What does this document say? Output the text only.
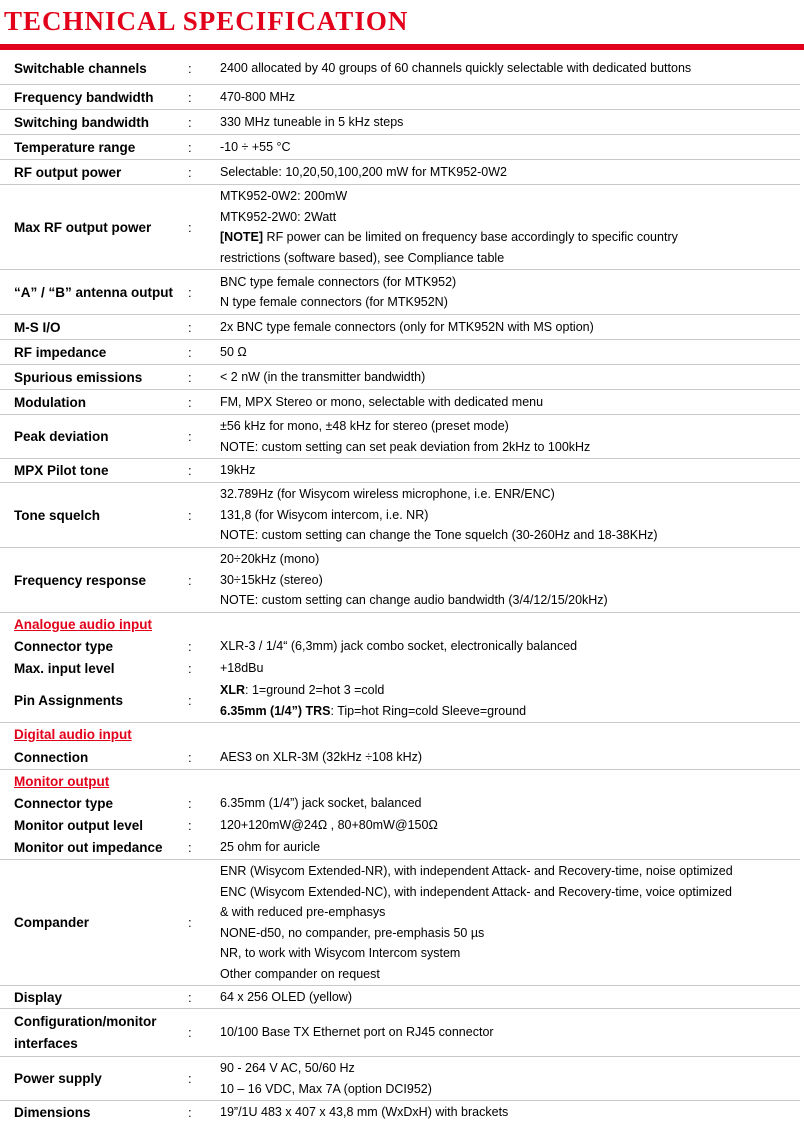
TECHNICAL SPECIFICATION
Switchable channels	:	2400 allocated by 40 groups of 60 channels quickly selectable with dedicated buttons
Frequency bandwidth	:	470-800 MHz
Switching bandwidth	:	330 MHz tuneable in 5 kHz steps
Temperature range	:	-10 ÷ +55 °C
RF output power	:	Selectable: 10,20,50,100,200 mW for MTK952-0W2
Max RF output power	:
MTK952-0W2: 200mW
MTK952-2W0: 2Watt
[NOTE] RF power can be limited on frequency base accordingly to specific country
restrictions (software based), see Compliance table
“A” / “B” antenna output	:
BNC type female connectors (for MTK952)
N type female connectors (for MTK952N)
M-S I/O	:	2x BNC type female connectors (only for MTK952N with MS option)
RF impedance	:	50 Ω
Spurious emissions	:	< 2 nW (in the transmitter bandwidth)
Modulation	:	FM, MPX Stereo or mono, selectable with dedicated menu
Peak deviation	:
±56 kHz for mono, ±48 kHz for stereo (preset mode)
NOTE: custom setting can set peak deviation from 2kHz to 100kHz
MPX Pilot tone	:	19kHz
Tone squelch	:
32.789Hz (for Wisycom wireless microphone, i.e. ENR/ENC)
131,8 (for Wisycom intercom, i.e. NR)
NOTE: custom setting can change the Tone squelch (30-260Hz and 18-38KHz)
Frequency response	:
20÷20kHz (mono)
30÷15kHz (stereo)
NOTE: custom setting can change audio bandwidth (3/4/12/15/20kHz)
Analogue audio input
Connector type	:	XLR-3 / 1/4“ (6,3mm) jack combo socket, electronically balanced
Max. input level	:	+18dBu
Pin Assignments	:
XLR: 1=ground 2=hot 3 =cold
6.35mm (1/4”) TRS: Tip=hot Ring=cold Sleeve=ground
Digital audio input
Connection	:	AES3 on XLR-3M (32kHz ÷108 kHz)
Monitor output
Connector type	:	6.35mm (1/4”) jack socket, balanced
Monitor output level	:	120+120mW@24Ω , 80+80mW@150Ω
Monitor out impedance	:	25 ohm for auricle
Compander	:
ENR (Wisycom Extended-NR), with independent Attack- and Recovery-time, noise optimized
ENC (Wisycom Extended-NC), with independent Attack- and Recovery-time, voice optimized
& with reduced pre-emphasys
NONE-d50, no compander, pre-emphasis 50 µs
NR, to work with Wisycom Intercom system
Other compander on request
Display	:	64 x 256 OLED (yellow)
Configuration/monitor
interfaces
:	10/100 Base TX Ethernet port on RJ45 connector
Power supply	:
90 - 264 V AC, 50/60 Hz
10 – 16 VDC, Max 7A (option DCI952)
Dimensions	:	19”/1U 483 x 407 x 43,8 mm (WxDxH) with brackets
